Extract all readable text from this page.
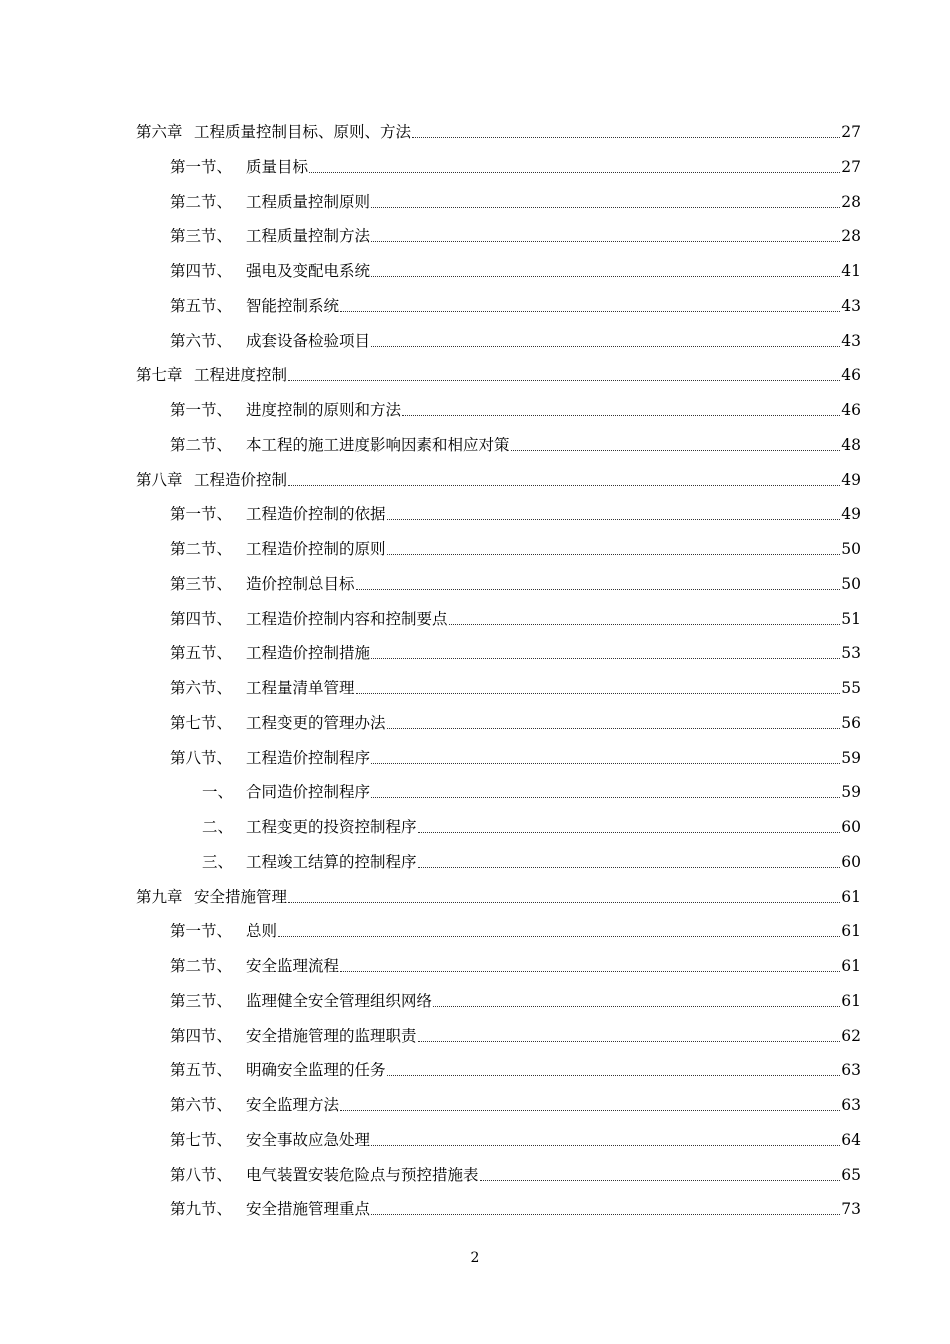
第六章 工程质量控制目标、原则、方法	27
第一节、 质量目标	27
第二节、 工程质量控制原则	28
第三节、 工程质量控制方法	28
第四节、 强电及变配电系统	41
第五节、 智能控制系统	43
第六节、 成套设备检验项目	43
第七章 工程进度控制	46
第一节、 进度控制的原则和方法	46
第二节、 本工程的施工进度影响因素和相应对策	48
第八章 工程造价控制	49
第一节、 工程造价控制的依据	49
第二节、 工程造价控制的原则	50
第三节、 造价控制总目标	50
第四节、 工程造价控制内容和控制要点	51
第五节、 工程造价控制措施	53
第六节、 工程量清单管理	55
第七节、 工程变更的管理办法	56
第八节、 工程造价控制程序	59
一、 合同造价控制程序	59
二、 工程变更的投资控制程序	60
三、 工程竣工结算的控制程序	60
第九章 安全措施管理	61
第一节、 总则	61
第二节、 安全监理流程	61
第三节、 监理健全安全管理组织网络	61
第四节、 安全措施管理的监理职责	62
第五节、 明确安全监理的任务	63
第六节、 安全监理方法	63
第七节、 安全事故应急处理	64
第八节、 电气装置安装危险点与预控措施表	65
第九节、 安全措施管理重点	73
2
